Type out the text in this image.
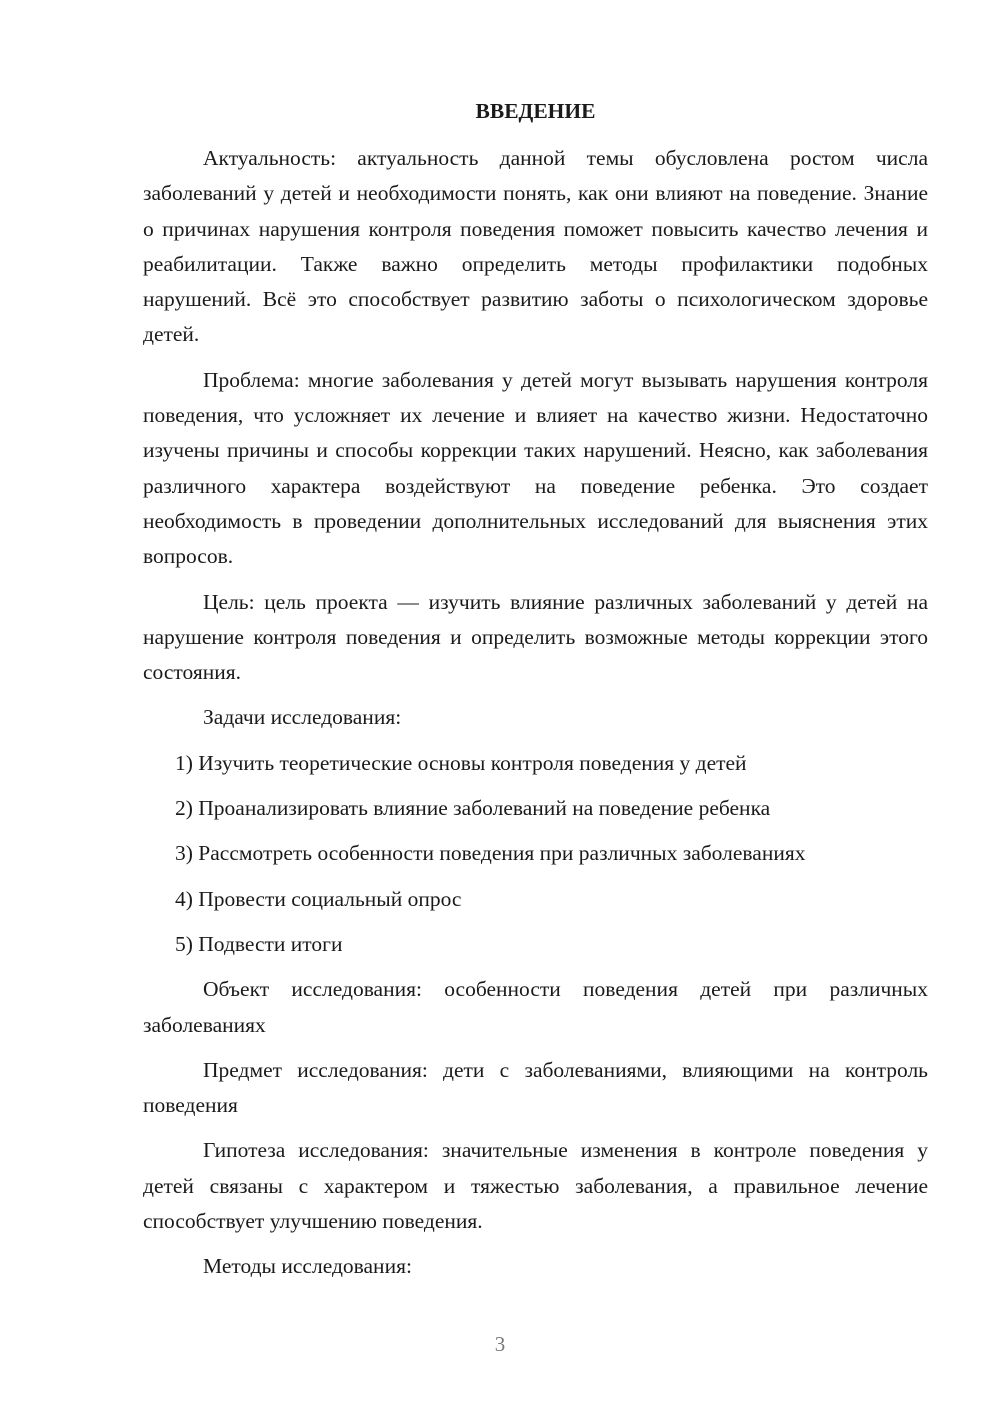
ВВЕДЕНИЕ

Актуальность: актуальность данной темы обусловлена ростом числа заболеваний у детей и необходимости понять, как они влияют на поведение. Знание о причинах нарушения контроля поведения поможет повысить качество лечения и реабилитации. Также важно определить методы профилактики подобных нарушений. Всё это способствует развитию заботы о психологическом здоровье детей.

Проблема: многие заболевания у детей могут вызывать нарушения контроля поведения, что усложняет их лечение и влияет на качество жизни. Недостаточно изучены причины и способы коррекции таких нарушений. Неясно, как заболевания различного характера воздействуют на поведение ребенка. Это создает необходимость в проведении дополнительных исследований для выяснения этих вопросов.

Цель: цель проекта — изучить влияние различных заболеваний у детей на нарушение контроля поведения и определить возможные методы коррекции этого состояния.

Задачи исследования:

1) Изучить теоретические основы контроля поведения у детей
2) Проанализировать влияние заболеваний на поведение ребенка
3) Рассмотреть особенности поведения при различных заболеваниях
4) Провести социальный опрос
5) Подвести итоги

Объект исследования: особенности поведения детей при различных заболеваниях

Предмет исследования: дети с заболеваниями, влияющими на контроль поведения

Гипотеза исследования: значительные изменения в контроле поведения у детей связаны с характером и тяжестью заболевания, а правильное лечение способствует улучшению поведения.

Методы исследования:

3
